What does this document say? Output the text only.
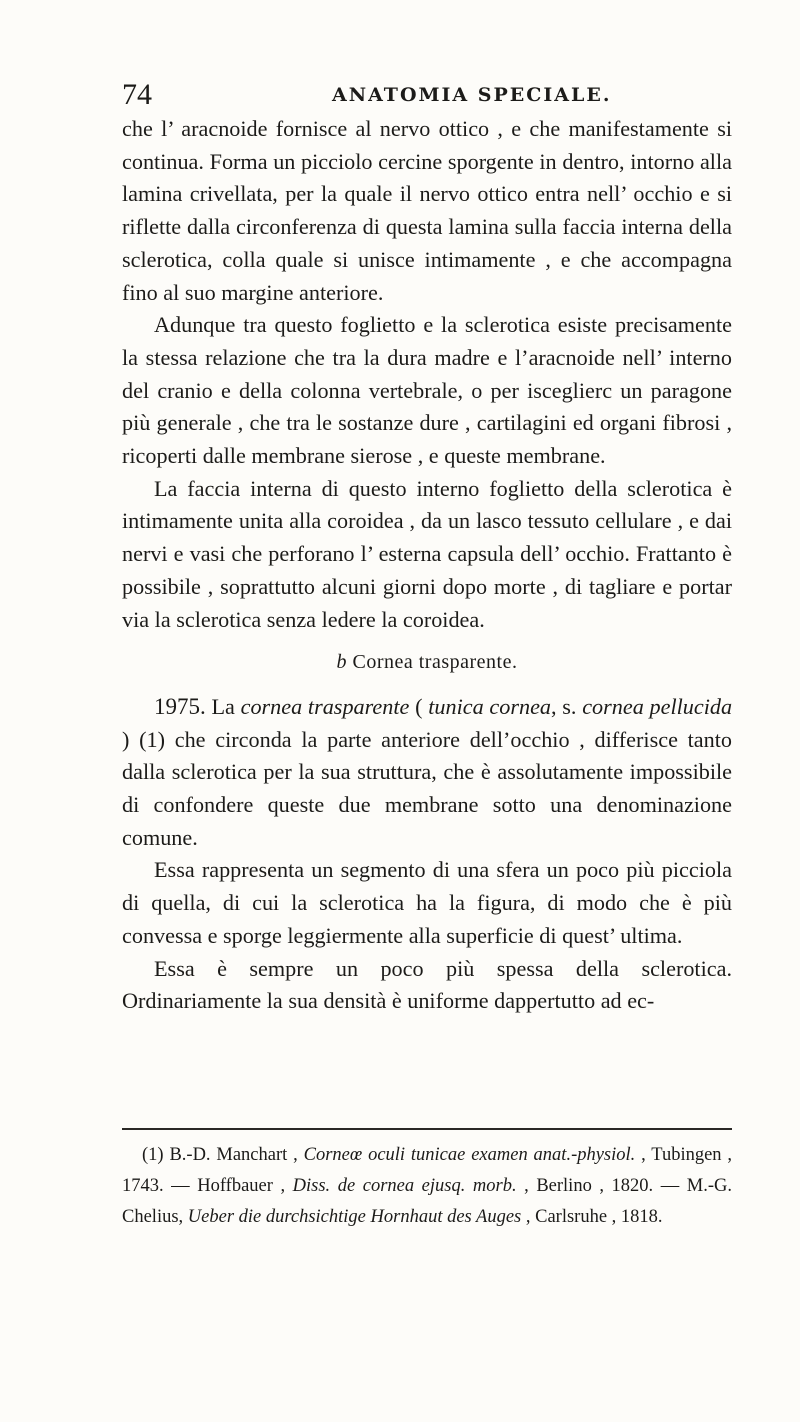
74	ANATOMIA SPECIALE.

che l’ aracnoide fornisce al nervo ottico , e che manifestamente si continua. Forma un picciolo cercine sporgente in dentro, intorno alla lamina crivellata, per la quale il nervo ottico entra nell’ occhio e si riflette dalla circonferenza di questa lamina sulla faccia interna della sclerotica, colla quale si unisce intimamente , e che accompagna fino al suo margine anteriore.

Adunque tra questo foglietto e la sclerotica esiste precisamente la stessa relazione che tra la dura madre e l’aracnoide nell’ interno del cranio e della colonna vertebrale, o per isceglierc un paragone più generale , che tra le sostanze dure , cartilagini ed organi fibrosi , ricoperti dalle membrane sierose , e queste membrane.

La faccia interna di questo interno foglietto della sclerotica è intimamente unita alla coroidea , da un lasco tessuto cellulare , e dai nervi e vasi che perforano l’ esterna capsula dell’ occhio. Frattanto è possibile , soprattutto alcuni giorni dopo morte , di tagliare e portar via la sclerotica senza ledere la coroidea.

b Cornea trasparente.

1975. La cornea trasparente ( tunica cornea, s. cornea pellucida ) (1) che circonda la parte anteriore dell’occhio , differisce tanto dalla sclerotica per la sua struttura, che è assolutamente impossibile di confondere queste due membrane sotto una denominazione comune.

Essa rappresenta un segmento di una sfera un poco più picciola di quella, di cui la sclerotica ha la figura, di modo che è più convessa e sporge leggiermente alla superficie di quest’ ultima.

Essa è sempre un poco più spessa della sclerotica. Ordinariamente la sua densità è uniforme dappertutto ad ec-

(1) B.-D. Manchart , Corneœ oculi tunicae examen anat.-physiol. , Tubingen , 1743. — Hoffbauer , Diss. de cornea ejusq. morb. , Berlino , 1820. — M.-G. Chelius, Ueber die durchsichtige Hornhaut des Auges , Carlsruhe , 1818.
